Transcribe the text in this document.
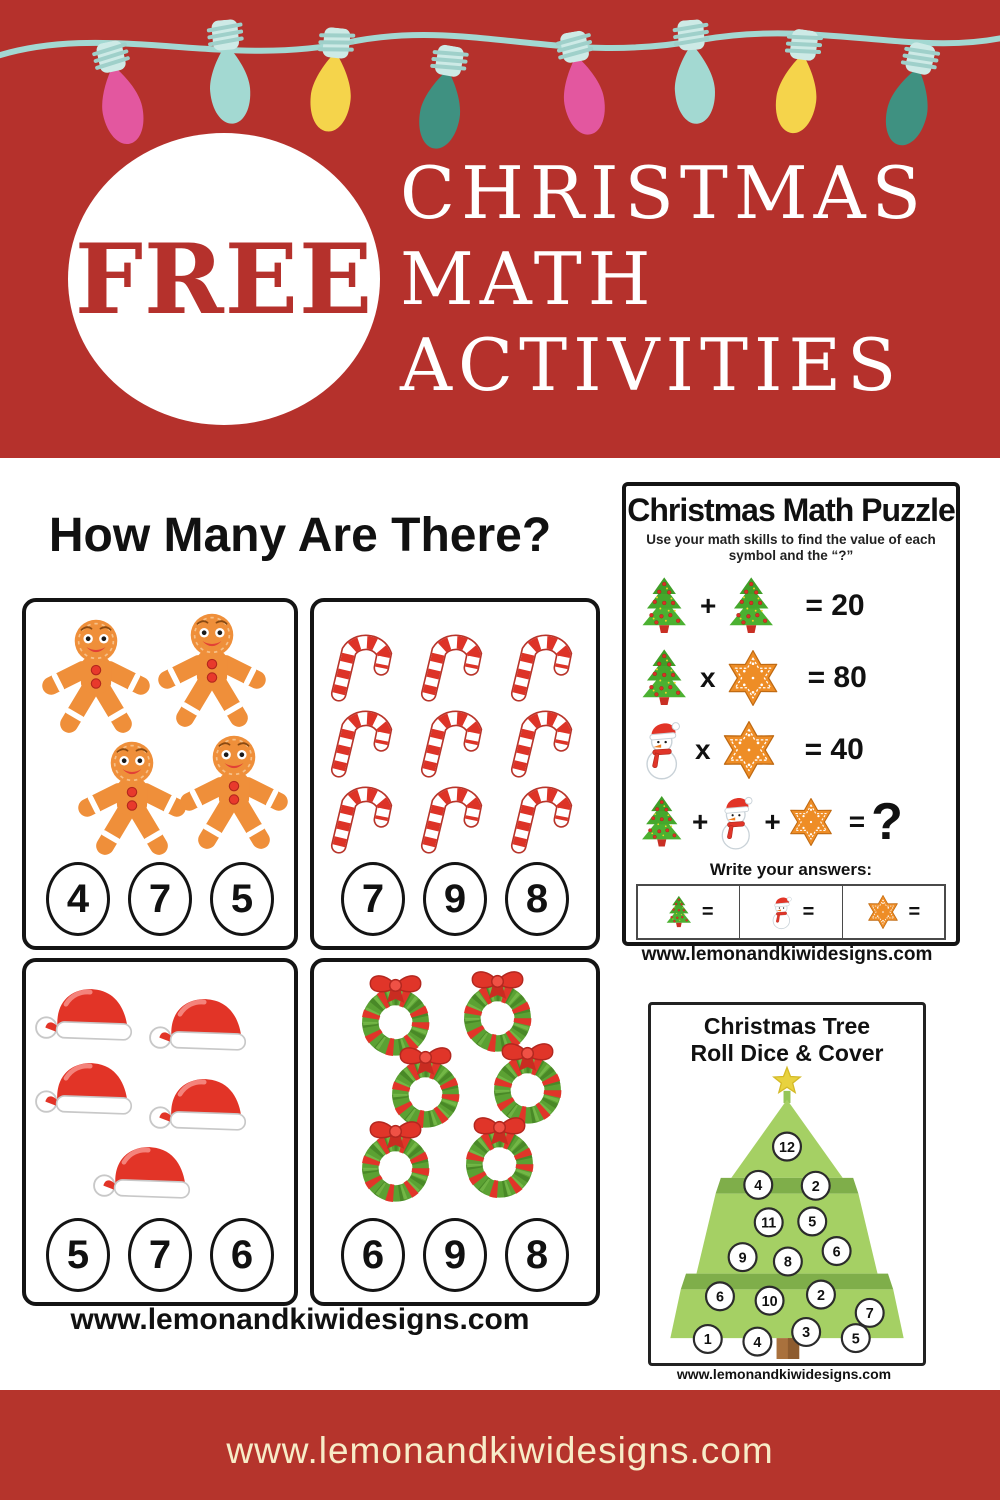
FREE
CHRISTMAS
MATH
ACTIVITIES
How Many Are There?
4	7	5	7	9	8
5	7	6	6	9	8
www.lemonandkiwidesigns.com
Christmas Math Puzzle
Use your math skills to find the value of each
symbol and the “?”
+	= 20
x	= 80
x	= 40
+ + = ?
Write your answers:
=	=	=
www.lemonandkiwidesigns.com
Christmas Tree
Roll Dice & Cover
12
4	2
11 5
9 8
6
6 10 2
7
1	4
3	5
www.lemonandkiwidesigns.com
www.lemonandkiwidesigns.com
